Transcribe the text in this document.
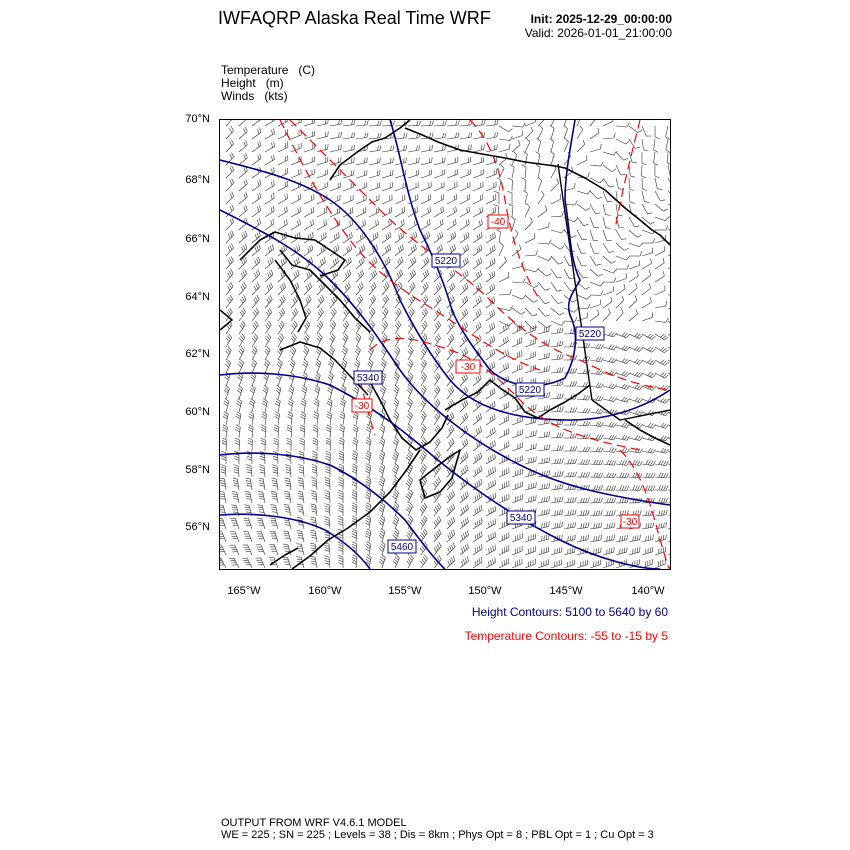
IWFAQRP Alaska Real Time WRF	Init: 2025-12-29_00:00:00
Valid: 2026-01-01_21:00:00
Temperature (C)
Height (m)
Winds (kts)
70°N
68°N
66°N
64°N
62°N
60°N
58°N
56°N
165°W	160°W	155°W	150°W	145°W	140°W
5220
5220
5220
5340
5340
5460
-40
-30
-30
-30
Height Contours: 5100 to 5640 by 60
Temperature Contours: -55 to -15 by 5
OUTPUT FROM WRF V4.6.1 MODEL
WE = 225 ; SN = 225 ; Levels = 38 ; Dis = 8km ; Phys Opt = 8 ; PBL Opt = 1 ; Cu Opt = 3
